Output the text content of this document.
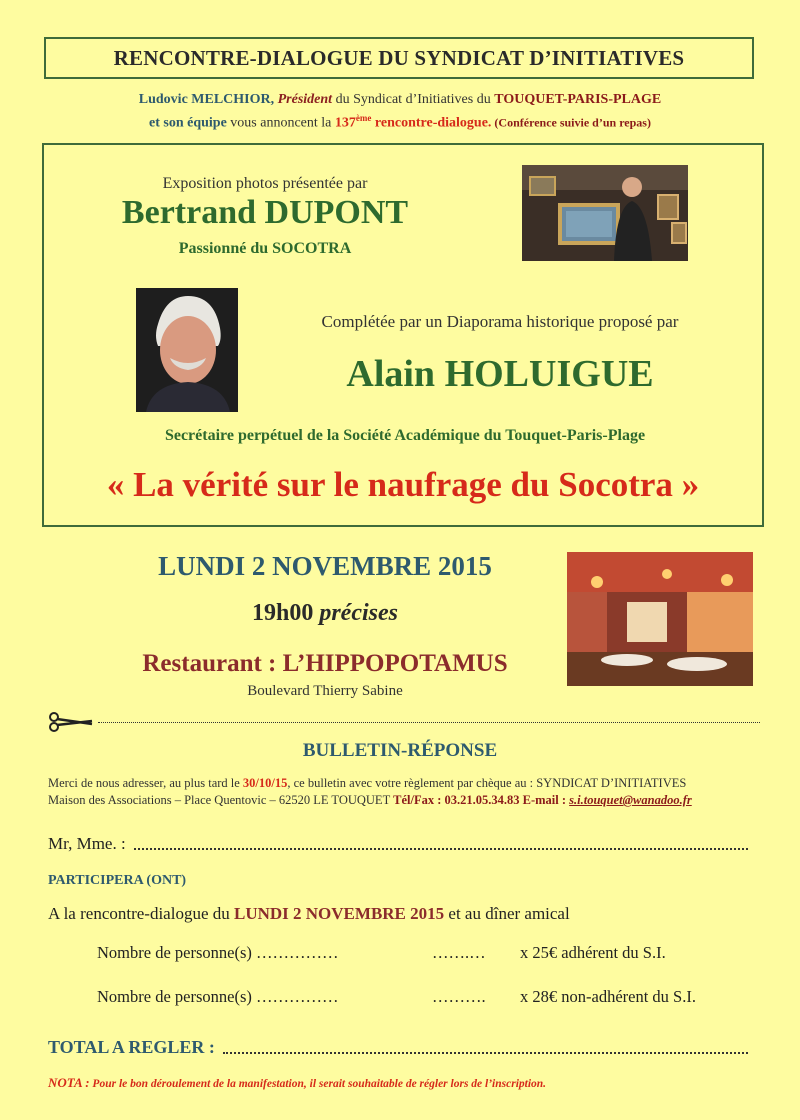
RENCONTRE-DIALOGUE DU SYNDICAT D’INITIATIVES
Ludovic MELCHIOR, Président du Syndicat d’Initiatives du TOUQUET-PARIS-PLAGE
et son équipe vous annoncent la 137ème rencontre-dialogue. (Conférence suivie d’un repas)
Exposition photos présentée par
Bertrand DUPONT
Passionné du SOCOTRA
Complétée par un Diaporama historique proposé par
Alain HOLUIGUE
Secrétaire perpétuel de la Société Académique du Touquet-Paris-Plage
« La vérité sur le naufrage du Socotra »
LUNDI 2 NOVEMBRE 2015
19h00 précises
Restaurant : L’HIPPOPOTAMUS
Boulevard Thierry Sabine
BULLETIN-RÉPONSE
Merci de nous adresser, au plus tard le 30/10/15, ce bulletin avec votre règlement par chèque au : SYNDICAT D’INITIATIVES
Maison des Associations – Place Quentovic – 62520 LE TOUQUET Tél/Fax : 03.21.05.34.83 E-mail : s.i.touquet@wanadoo.fr
Mr, Mme. :
PARTICIPERA (ONT)
A la rencontre-dialogue du LUNDI 2 NOVEMBRE 2015 et au dîner amical
Nombre de personne(s) ……………	…….… x 25€ adhérent du S.I.
Nombre de personne(s) ……………	………. x 28€ non-adhérent du S.I.
TOTAL A REGLER :
NOTA : Pour le bon déroulement de la manifestation, il serait souhaitable de régler lors de l’inscription.
